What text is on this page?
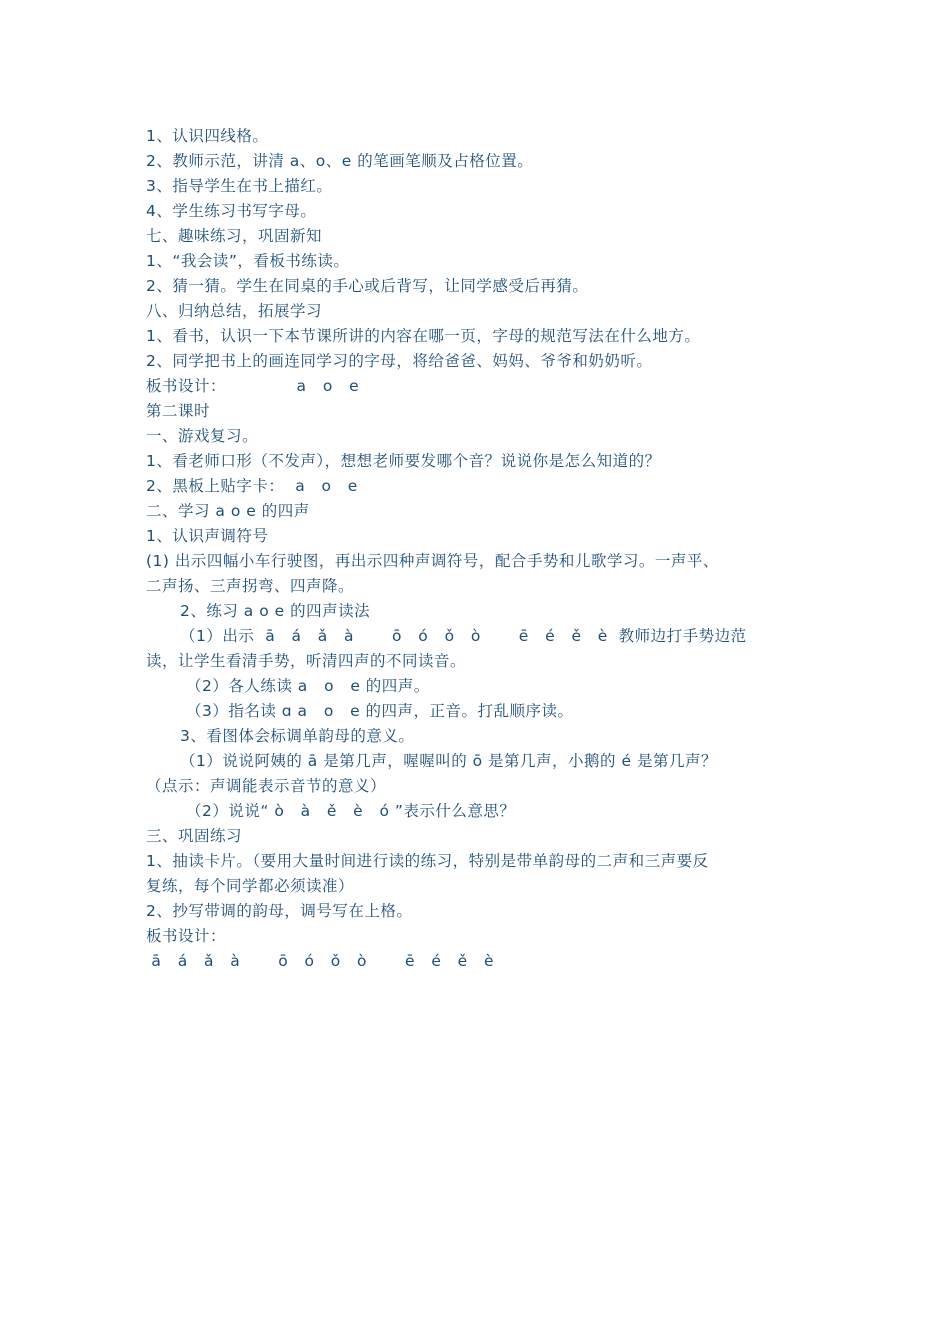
1、认识四线格。
2、教师示范，讲清 a、o、e 的笔画笔顺及占格位置。
3、指导学生在书上描红。
4、学生练习书写字母。
七、趣味练习，巩固新知
1、“我会读”，看板书练读。
2、猜一猜。学生在同桌的手心或后背写，让同学感受后再猜。
八、归纳总结，拓展学习
1、看书，认识一下本节课所讲的内容在哪一页，字母的规范写法在什么地方。
2、同学把书上的画连同学习的字母，将给爸爸、妈妈、爷爷和奶奶听。
板书设计：             a   o   e
第二课时
一、游戏复习。
1、看老师口形（不发声），想想老师要发哪个音？说说你是怎么知道的？
2、黑板上贴字卡：  a   o   e
二、学习 a o e 的四声
1、认识声调符号
(1) 出示四幅小车行驶图，再出示四种声调符号，配合手势和儿歌学习。一声平、
二声扬、三声拐弯、四声降。
2、练习 a o e 的四声读法
（1）出示  ā   á   ǎ   à       ō   ó   ǒ   ò       ē   é   ě   è  教师边打手势边范
读，让学生看清手势，听清四声的不同读音。
（2）各人练读 a   o   e 的四声。
（3）指名读 ɑ a   o   e 的四声，正音。打乱顺序读。
3、看图体会标调单韵母的意义。
（1）说说阿姨的 ā 是第几声，喔喔叫的 ō 是第几声，小鹅的 é 是第几声？
（点示：声调能表示音节的意义）
（2）说说“ ò   à   ě   è   ó ”表示什么意思？
三、巩固练习
1、抽读卡片。（要用大量时间进行读的练习，特别是带单韵母的二声和三声要反
复练，每个同学都必须读准）
2、抄写带调的韵母，调号写在上格。
板书设计：
ā   á   ǎ   à       ō   ó   ǒ   ò       ē   é   ě   è
